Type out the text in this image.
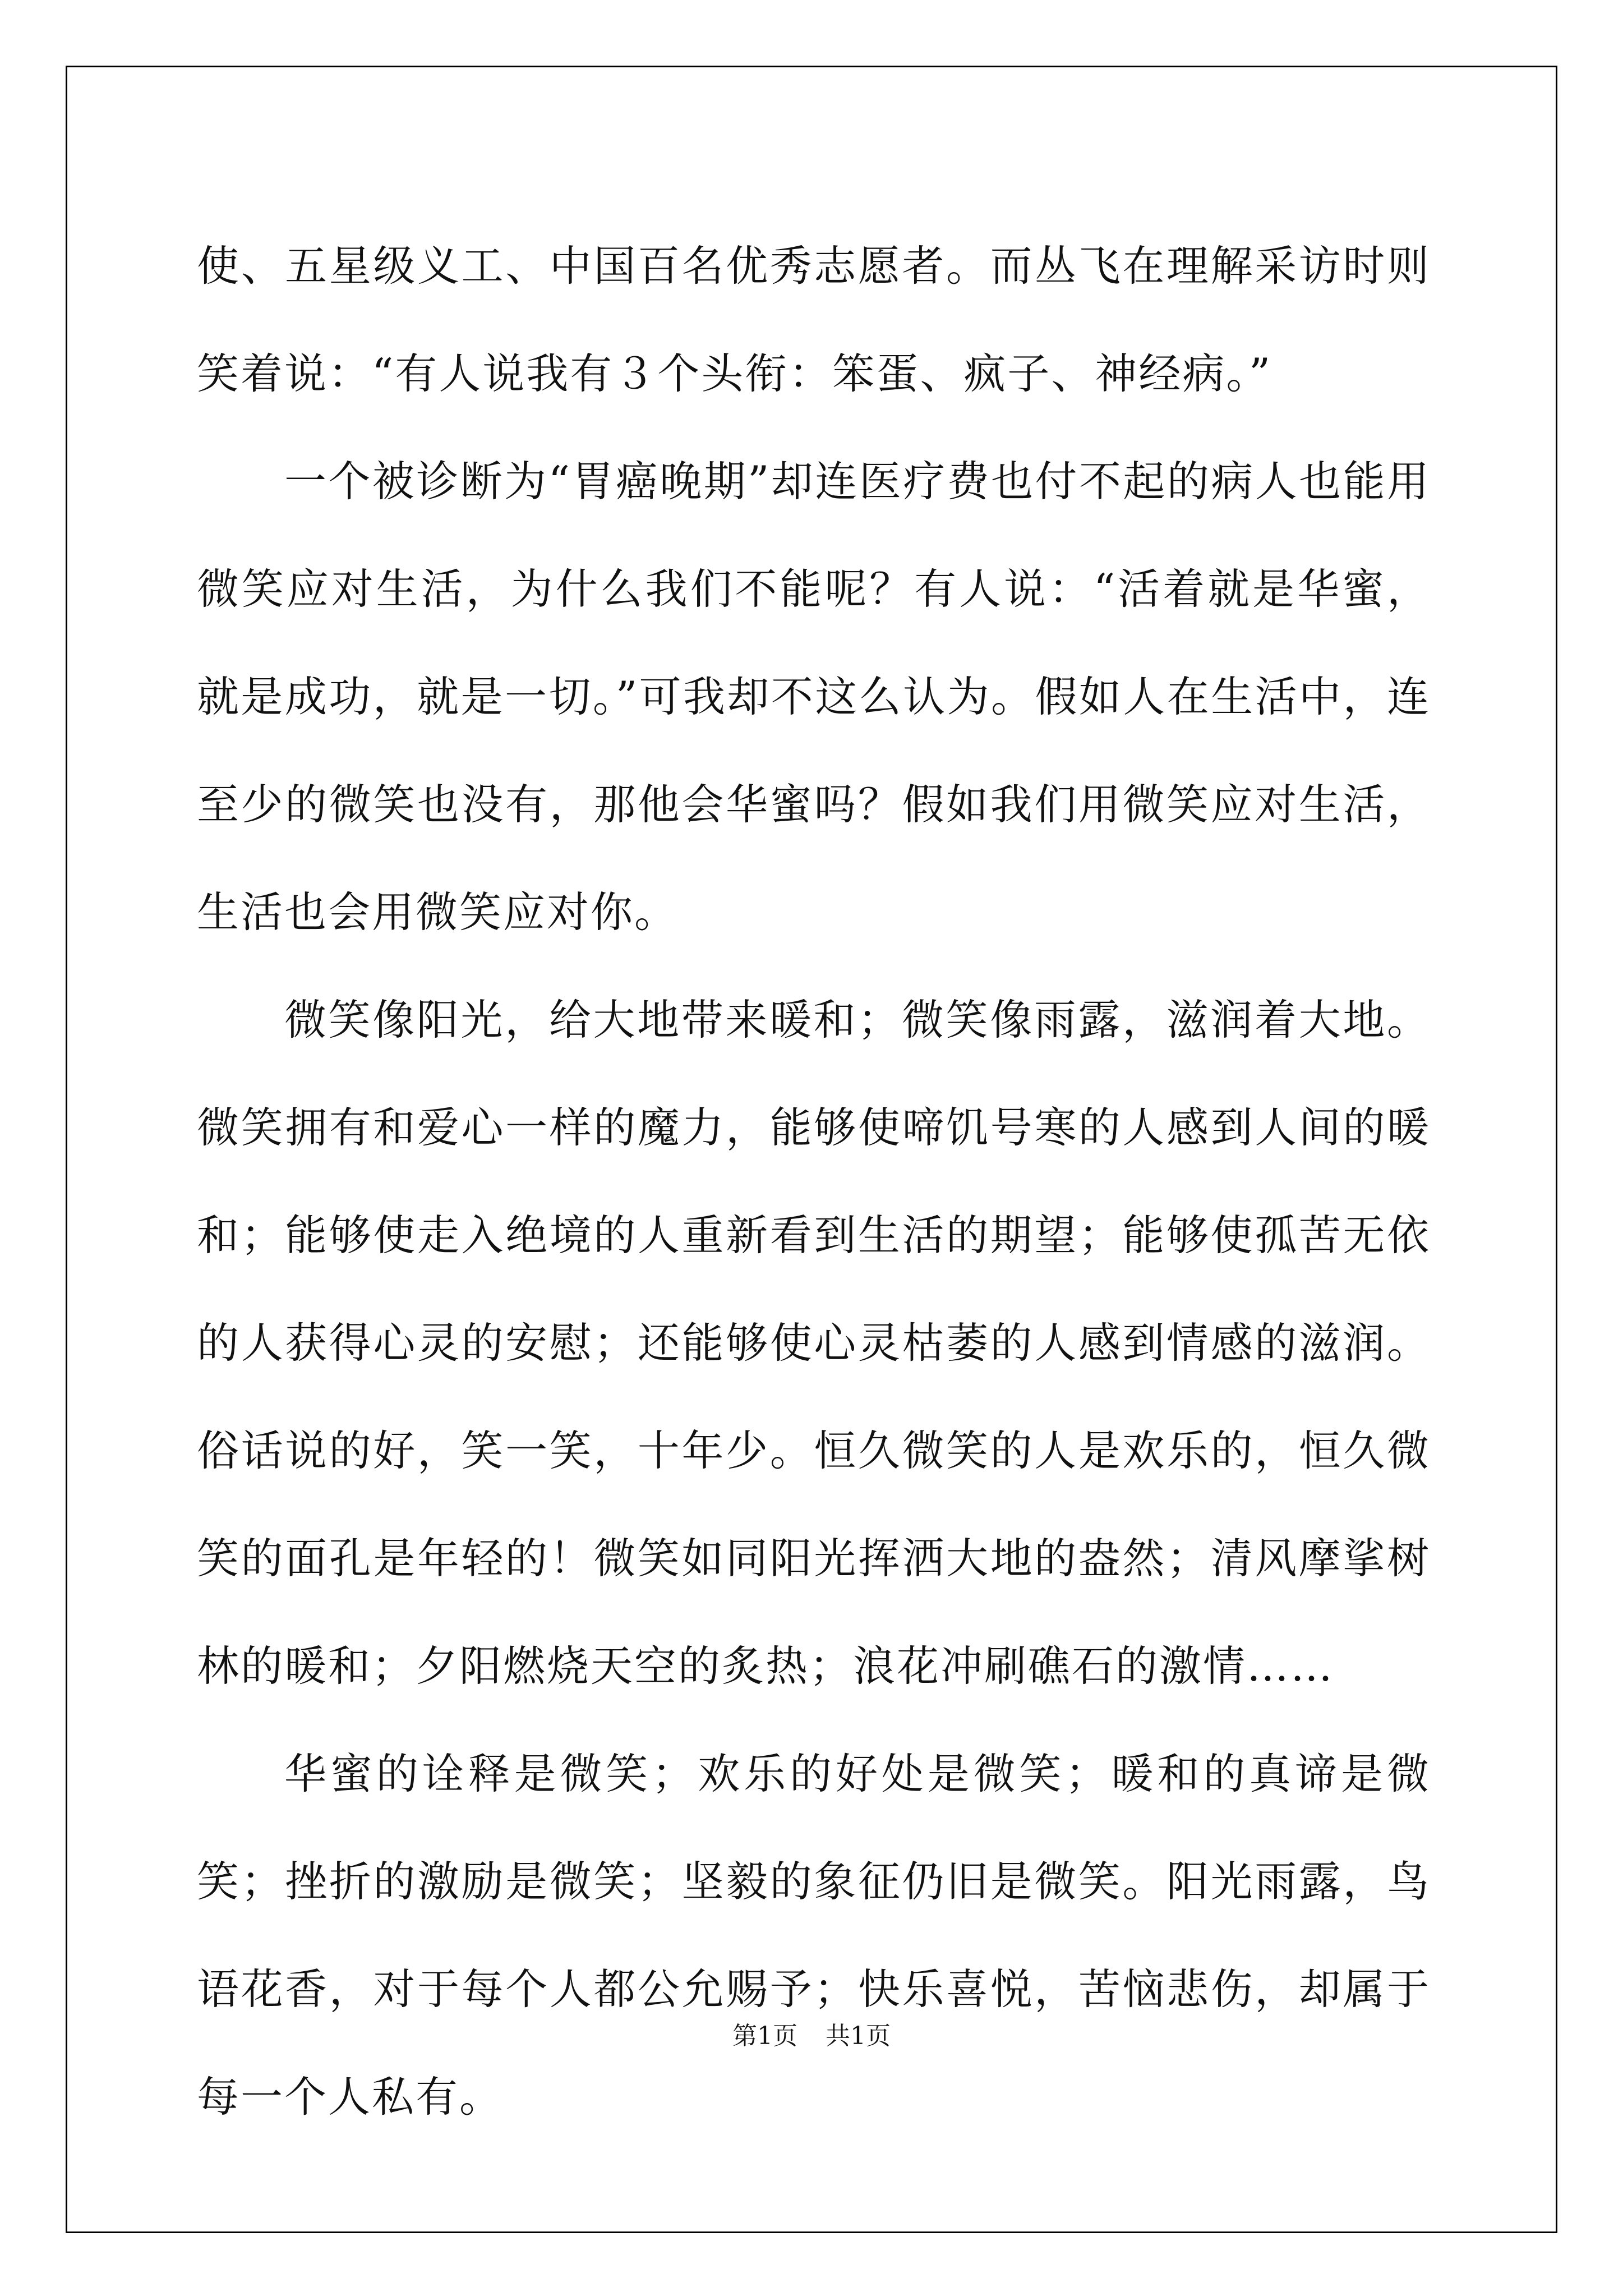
使、五星级义工、中国百名优秀志愿者。而丛飞在理解采访时则笑着说：“有人说我有３个头衔：笨蛋、疯子、神经病。”

一个被诊断为“胃癌晚期”却连医疗费也付不起的病人也能用微笑应对生活，为什么我们不能呢？有人说：“活着就是华蜜，就是成功，就是一切。”可我却不这么认为。假如人在生活中，连至少的微笑也没有，那他会华蜜吗？假如我们用微笑应对生活，生活也会用微笑应对你。

微笑像阳光，给大地带来暖和；微笑像雨露，滋润着大地。微笑拥有和爱心一样的魔力，能够使啼饥号寒的人感到人间的暖和；能够使走入绝境的人重新看到生活的期望；能够使孤苦无依的人获得心灵的安慰；还能够使心灵枯萎的人感到情感的滋润。俗话说的好，笑一笑，十年少。恒久微笑的人是欢乐的，恒久微笑的面孔是年轻的！微笑如同阳光挥洒大地的盎然；清风摩挲树林的暖和；夕阳燃烧天空的炙热；浪花冲刷礁石的激情……

华蜜的诠释是微笑；欢乐的好处是微笑；暖和的真谛是微笑；挫折的激励是微笑；坚毅的象征仍旧是微笑。阳光雨露，鸟语花香，对于每个人都公允赐予；快乐喜悦，苦恼悲伤，却属于每一个人私有。

第1页 共1页
